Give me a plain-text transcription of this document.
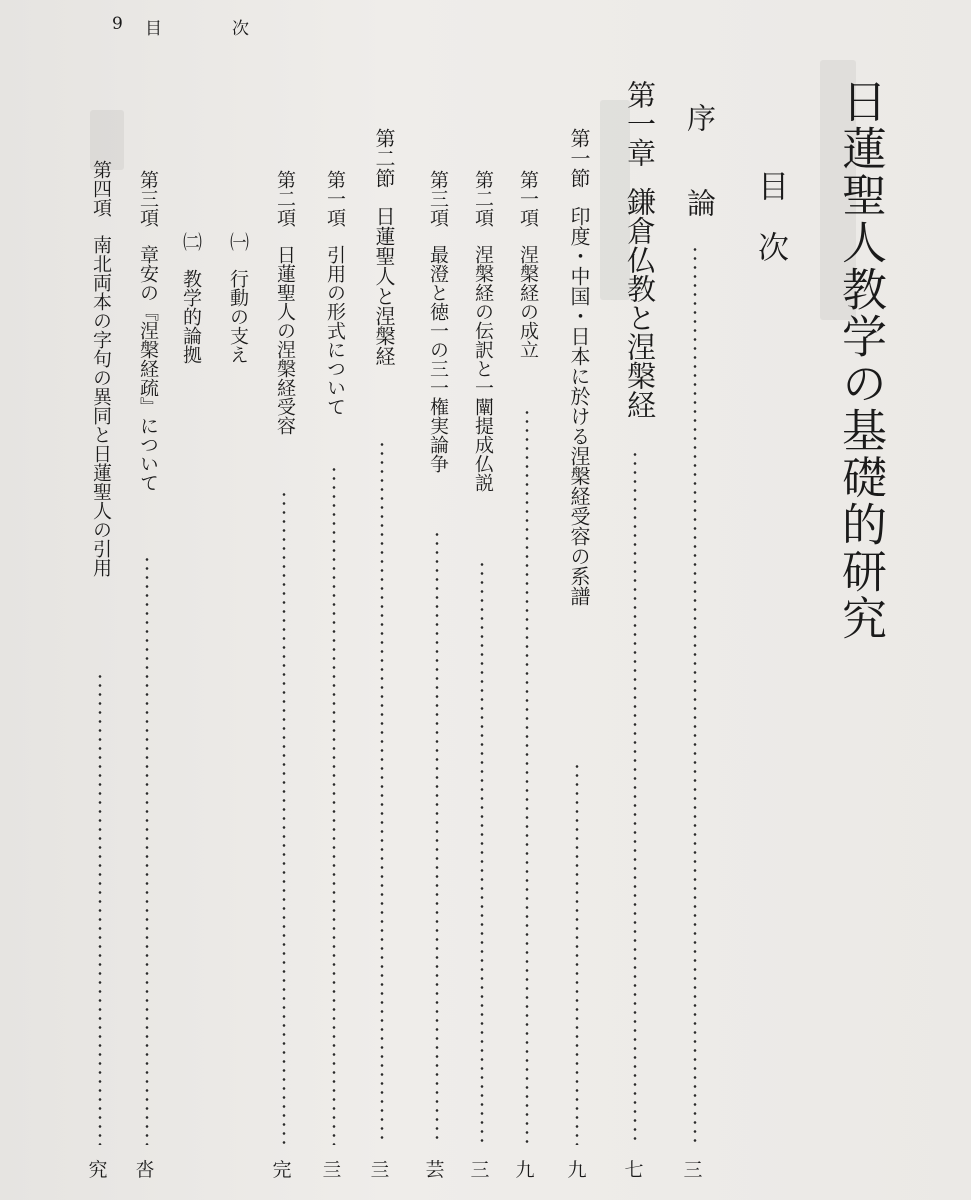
9 目	次
日蓮聖人教学の基礎的研究
目次
序論
第一章鎌倉仏教と涅槃経
第一節印度・中国・日本に於ける涅槃経受容の系譜
第一項涅槃経の成立
第二項涅槃経の伝訳と一闡提成仏説
第三項最澄と徳一の三一権実論争
第二節日蓮聖人と涅槃経
第一項引用の形式について
第二項日蓮聖人の涅槃経受容
㈠行動の支え
㈡教学的論拠
第三項章安の『涅槃経疏』について
第四項南北両本の字句の異同と日蓮聖人の引用
三
七
九
九
三
芸
亖
亖
完
呇
究
